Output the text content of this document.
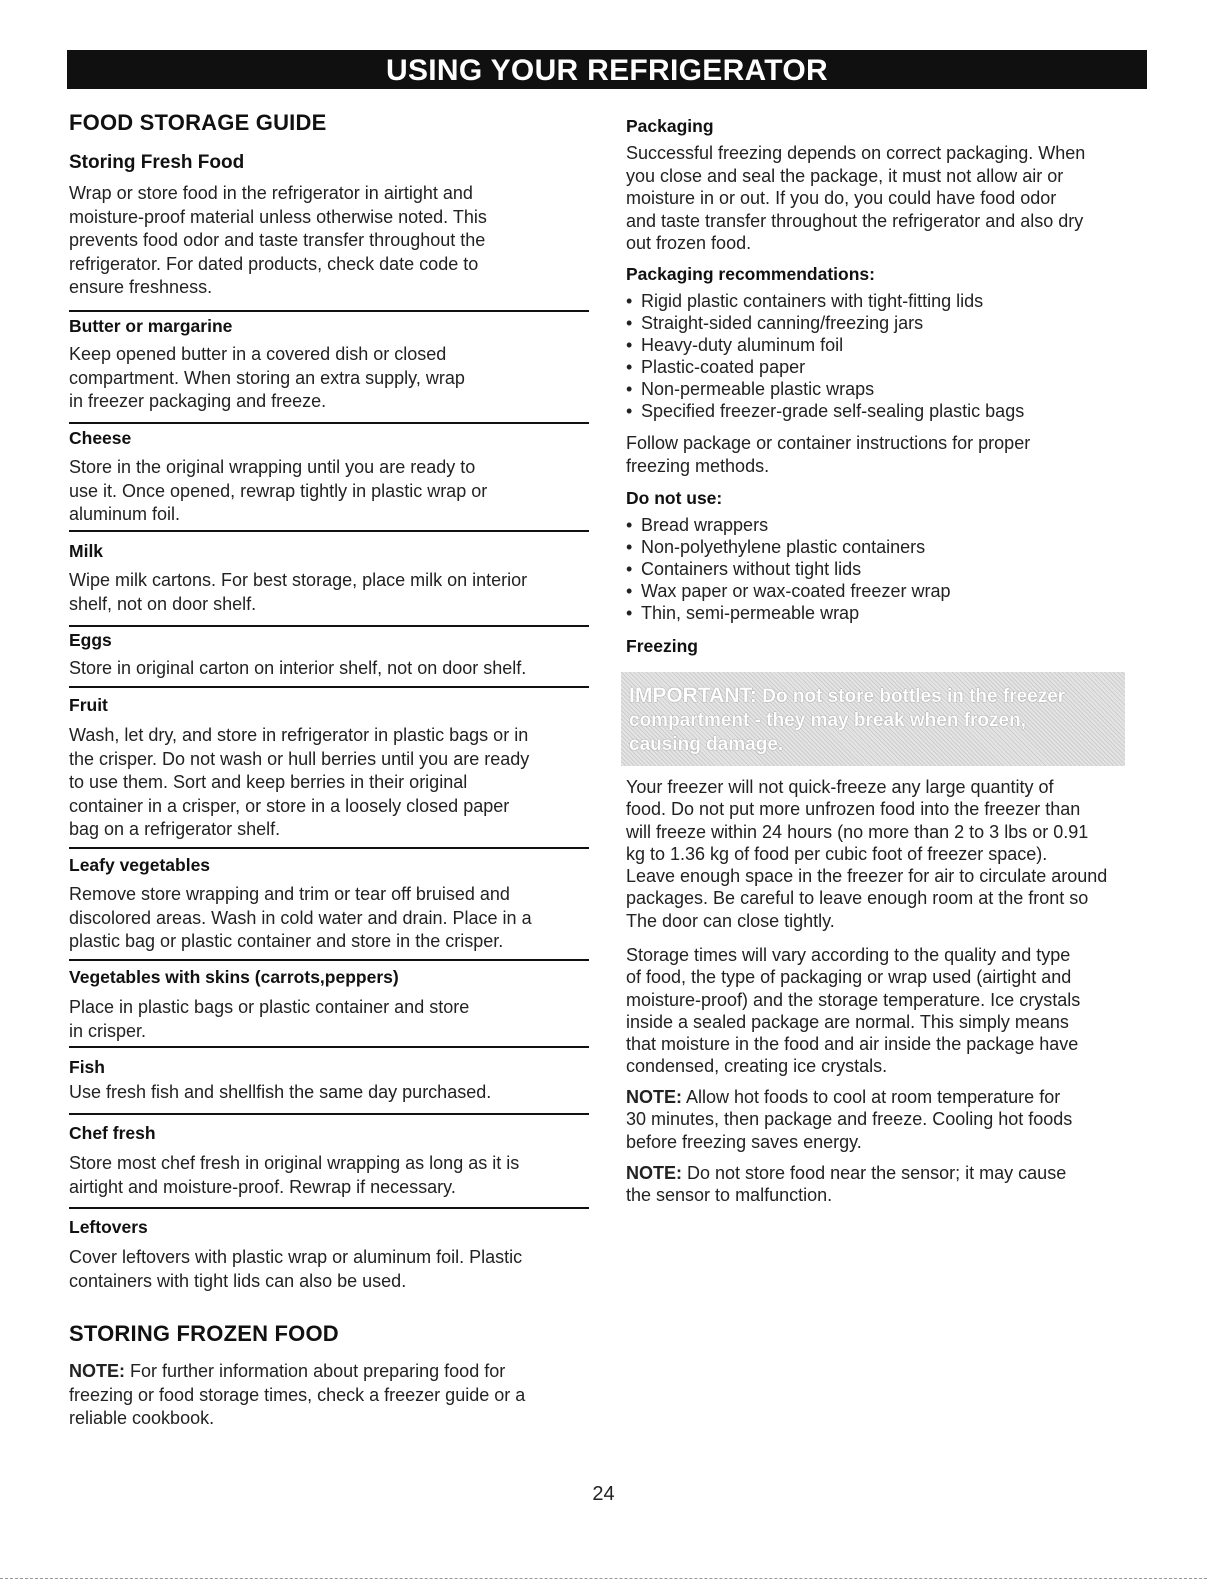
USING YOUR REFRIGERATOR
FOOD STORAGE GUIDE
Storing Fresh Food
Wrap or store food in the refrigerator in airtight and
moisture-proof material unless otherwise noted. This
prevents food odor and taste transfer throughout the
refrigerator. For dated products, check date code to
ensure freshness.
Butter or margarine
Keep opened butter in a covered dish or closed
compartment. When storing an extra supply, wrap
in freezer packaging and freeze.
Cheese
Store in the original wrapping until you are ready to
use it. Once opened, rewrap tightly in plastic wrap or
aluminum foil.
Milk
Wipe milk cartons. For best storage, place milk on interior
shelf, not on door shelf.
Eggs
Store in original carton on interior shelf, not on door shelf.
Fruit
Wash, let dry, and store in refrigerator in plastic bags or in
the crisper. Do not wash or hull berries until you are ready
to use them. Sort and keep berries in their original
container in a crisper, or store in a loosely closed paper
bag on a refrigerator shelf.
Leafy vegetables
Remove store wrapping and trim or tear off bruised and
discolored areas. Wash in cold water and drain. Place in a
plastic bag or plastic container and store in the crisper.
Vegetables with skins (carrots,peppers)
Place in plastic bags or plastic container and store
in crisper.
Fish
Use fresh fish and shellfish the same day purchased.
Chef fresh
Store most chef fresh in original wrapping as long as it is
airtight and moisture-proof. Rewrap if necessary.
Leftovers
Cover leftovers with plastic wrap or aluminum foil. Plastic
containers with tight lids can also be used.
STORING FROZEN FOOD
NOTE: For further information about preparing food for
freezing or food storage times, check a freezer guide or a
reliable cookbook.
Packaging
Successful freezing depends on correct packaging. When
you close and seal the package, it must not allow air or
moisture in or out. If you do, you could have food odor
and taste transfer throughout the refrigerator and also dry
out frozen food.
Packaging recommendations:
• Rigid plastic containers with tight-fitting lids
• Straight-sided canning/freezing jars
• Heavy-duty aluminum foil
• Plastic-coated paper
• Non-permeable plastic wraps
• Specified freezer-grade self-sealing plastic bags
Follow package or container instructions for proper
freezing methods.
Do not use:
• Bread wrappers
• Non-polyethylene plastic containers
• Containers without tight lids
• Wax paper or wax-coated freezer wrap
• Thin, semi-permeable wrap
Freezing

IMPORTANT: Do not store bottles in the freezer
compartment - they may break when frozen,
causing damage.

Your freezer will not quick-freeze any large quantity of
food. Do not put more unfrozen food into the freezer than
will freeze within 24 hours (no more than 2 to 3 lbs or 0.91
kg to 1.36 kg of food per cubic foot of freezer space).
Leave enough space in the freezer for air to circulate around
packages. Be careful to leave enough room at the front so
The door can close tightly.
Storage times will vary according to the quality and type
of food, the type of packaging or wrap used (airtight and
moisture-proof) and the storage temperature. Ice crystals
inside a sealed package are normal. This simply means
that moisture in the food and air inside the package have
condensed, creating ice crystals.
NOTE: Allow hot foods to cool at room temperature for
30 minutes, then package and freeze. Cooling hot foods
before freezing saves energy.
NOTE: Do not store food near the sensor; it may cause
the sensor to malfunction.
24
